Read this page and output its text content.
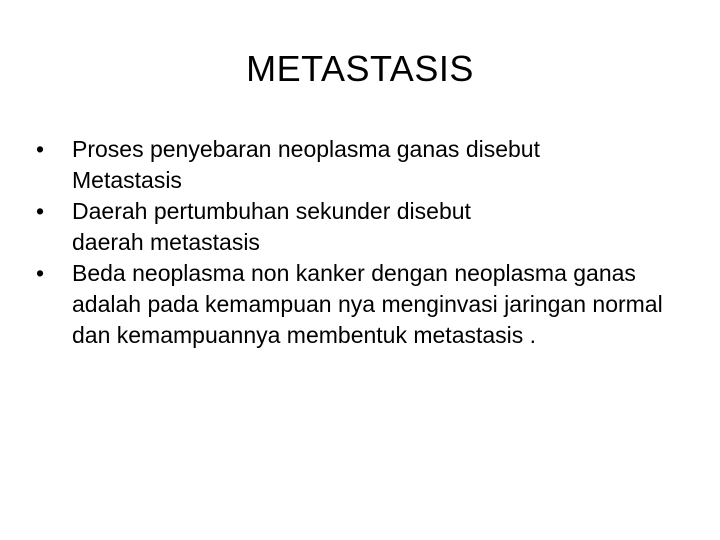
METASTASIS
•	Proses penyebaran neoplasma ganas disebut
Metastasis
•	Daerah pertumbuhan sekunder disebut
daerah metastasis
•	Beda neoplasma non kanker dengan neoplasma ganas adalah pada kemampuan nya menginvasi jaringan normal dan kemampuannya membentuk metastasis .
